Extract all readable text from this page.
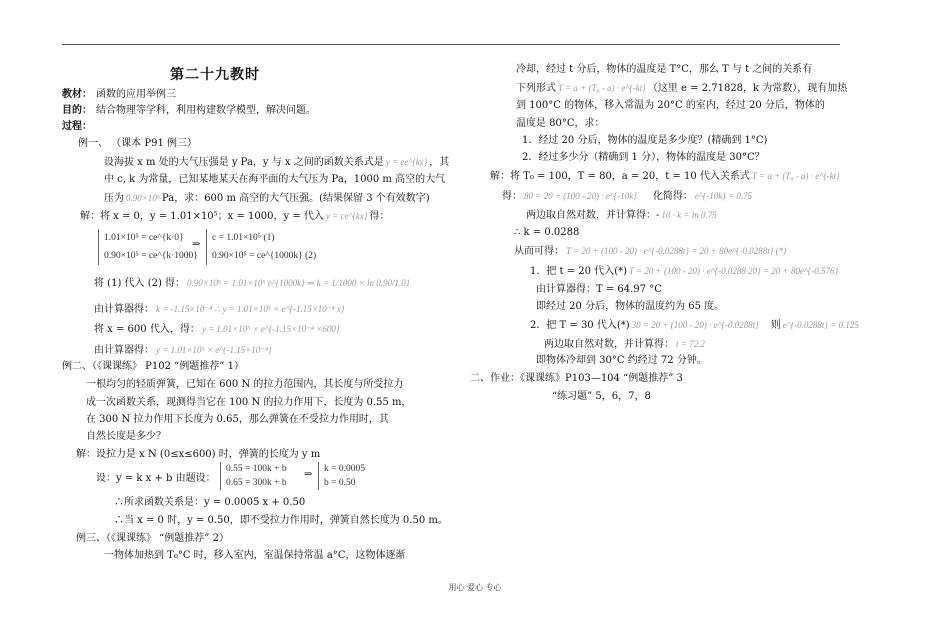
第二十九教时
教材： 函数的应用举例三
目的： 结合物理等学科，利用构建数学模型，解决问题。
过程：
例一、 （课本 P91 例三）
设海拔 x m 处的大气压强是 y Pa，y 与 x 之间的函数关系式是 y = ce^{kx} ，其
中 c, k 为常量，已知某地某天在海平面的大气压为 Pa，1000 m 高空的大气
压为 0.90×10⁵ Pa，求：600 m 高空的大气压强。(结果保留 3 个有效数字)
解：将 x = 0，y = 1.01×10⁵；x = 1000，y = 代入 y = ce^{kx} 得：
1.01×10⁵ = ce^{k·0}
0.90×10⁵ = ce^{k·1000}
⇒
c = 1.01×10⁵ (1)
0.90×10⁵ = ce^{1000k} (2)
将 (1) 代入 (2) 得： 0.90×10⁵ = 1.01×10⁵ e^{1000k} ⇒ k = 1/1000 × ln 0.90/1.01
由计算器得： k = -1.15×10⁻⁴ ∴ y = 1.01×10⁵ × e^{-1.15×10⁻⁴ x}
将 x = 600 代入，得： y = 1.01×10⁵ × e^{-1.15×10⁻⁴ ×600}
由计算器得： y = 1.01×10⁵ × e^{-1.15×10⁻⁴}
例二、（《课课练》 P102 “例题推荐” 1）
一根均匀的轻质弹簧，已知在 600 N 的拉力范围内，其长度与所受拉力
成一次函数关系，现测得当它在 100 N 的拉力作用下，长度为 0.55 m，
在 300 N 拉力作用下长度为 0.65，那么弹簧在不受拉力作用时，其
自然长度是多少？
解：设拉力是 x N (0≤x≤600) 时，弹簧的长度为 y m
设：y = k x + b 由题设：
0.55 = 100k + b
0.65 = 300k + b
⇒ k = 0.0005
b = 0.50
∴所求函数关系是：y = 0.0005 x + 0.50
∴当 x = 0 时，y = 0.50，即不受拉力作用时，弹簧自然长度为 0.50 m。
例三、（《课课练》 “例题推荐” 2）
一物体加热到 T₀°C 时，移入室内，室温保持常温 a°C，这物体逐渐
冷却，经过 t 分后，物体的温度是 T°C，那么 T 与 t 之间的关系有
下列形式 T = a + (T₀ - a) · e^{-kt} （这里 e = 2.71828，k 为常数），现有加热
到 100°C 的物体，移入常温为 20°C 的室内，经过 20 分后，物体的
温度是 80°C，求：
1．经过 20 分后，物体的温度是多少度？(精确到 1°C)
2．经过多少分（精确到 1 分），物体的温度是 30°C？
解：将 T₀ = 100，T = 80，a = 20，t = 10 代入关系式 T = a + (T₀ - a) · e^{-kt}
得： 80 = 20 + (100 - 20) · e^{-10k} 化简得： e^{-10k} = 0.75
两边取自然对数，并计算得：- 10 · k = ln 0.75
∴ k = 0.0288
从而可得： T = 20 + (100 - 20) · e^{-0.0288t} = 20 + 80e^{-0.0288t} (*)
1．把 t = 20 代入(*) T = 20 + (100 - 20) · e^{-0.0288·20} = 20 + 80e^{-0.576}
由计算器得：T = 64.97 °C
即经过 20 分后，物体的温度约为 65 度。
2．把 T = 30 代入(*) 30 = 20 + (100 - 20) · e^{-0.0288t} 则 e^{-0.0288t} = 0.125
两边取自然对数，并计算得： t = 72.2
即物体冷却到 30°C 约经过 72 分钟。
二、作业：《课课练》P103—104 “例题推荐” 3
“练习题” 5，6，7，8
用心 爱心 专心
